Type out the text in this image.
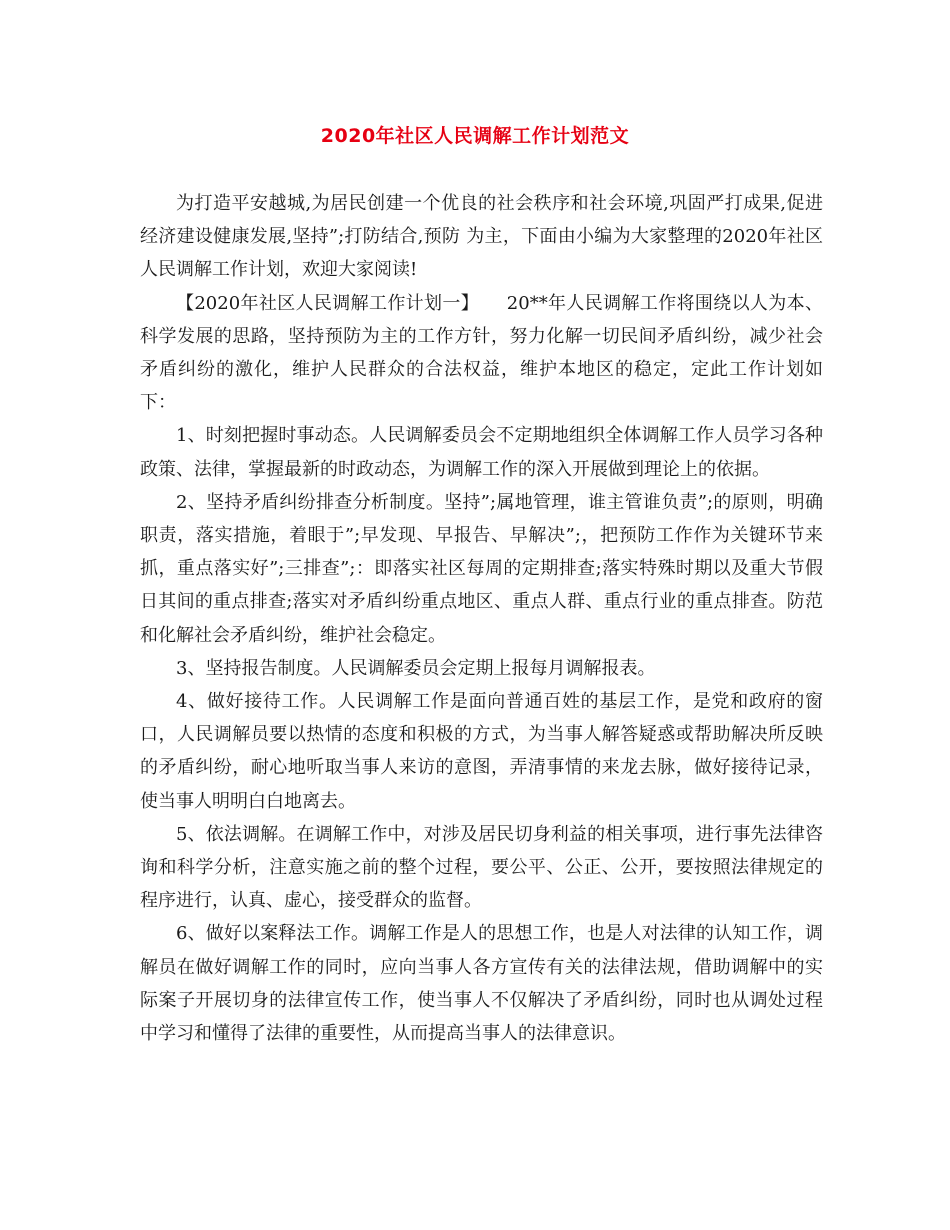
2020年社区人民调解工作计划范文

为打造平安越城,为居民创建一个优良的社会秩序和社会环境,巩固严打成果,促进经济建设健康发展,坚持”;打防结合,预防 为主，下面由小编为大家整理的2020年社区人民调解工作计划，欢迎大家阅读!

【2020年社区人民调解工作计划一】　　20**年人民调解工作将围绕以人为本、科学发展的思路，坚持预防为主的工作方针，努力化解一切民间矛盾纠纷，减少社会矛盾纠纷的激化，维护人民群众的合法权益，维护本地区的稳定，定此工作计划如下：

1、时刻把握时事动态。人民调解委员会不定期地组织全体调解工作人员学习各种政策、法律，掌握最新的时政动态，为调解工作的深入开展做到理论上的依据。

2、坚持矛盾纠纷排查分析制度。坚持”;属地管理，谁主管谁负责”;的原则，明确职责，落实措施，着眼于”;早发现、早报告、早解决”;，把预防工作作为关键环节来抓，重点落实好”;三排查”;：即落实社区每周的定期排查;落实特殊时期以及重大节假日其间的重点排查;落实对矛盾纠纷重点地区、重点人群、重点行业的重点排查。防范和化解社会矛盾纠纷，维护社会稳定。

3、坚持报告制度。人民调解委员会定期上报每月调解报表。

4、做好接待工作。人民调解工作是面向普通百姓的基层工作，是党和政府的窗口，人民调解员要以热情的态度和积极的方式，为当事人解答疑惑或帮助解决所反映的矛盾纠纷，耐心地听取当事人来访的意图，弄清事情的来龙去脉，做好接待记录，使当事人明明白白地离去。

5、依法调解。在调解工作中，对涉及居民切身利益的相关事项，进行事先法律咨询和科学分析，注意实施之前的整个过程，要公平、公正、公开，要按照法律规定的程序进行，认真、虚心，接受群众的监督。

6、做好以案释法工作。调解工作是人的思想工作，也是人对法律的认知工作，调解员在做好调解工作的同时，应向当事人各方宣传有关的法律法规，借助调解中的实际案子开展切身的法律宣传工作，使当事人不仅解决了矛盾纠纷，同时也从调处过程中学习和懂得了法律的重要性，从而提高当事人的法律意识。
